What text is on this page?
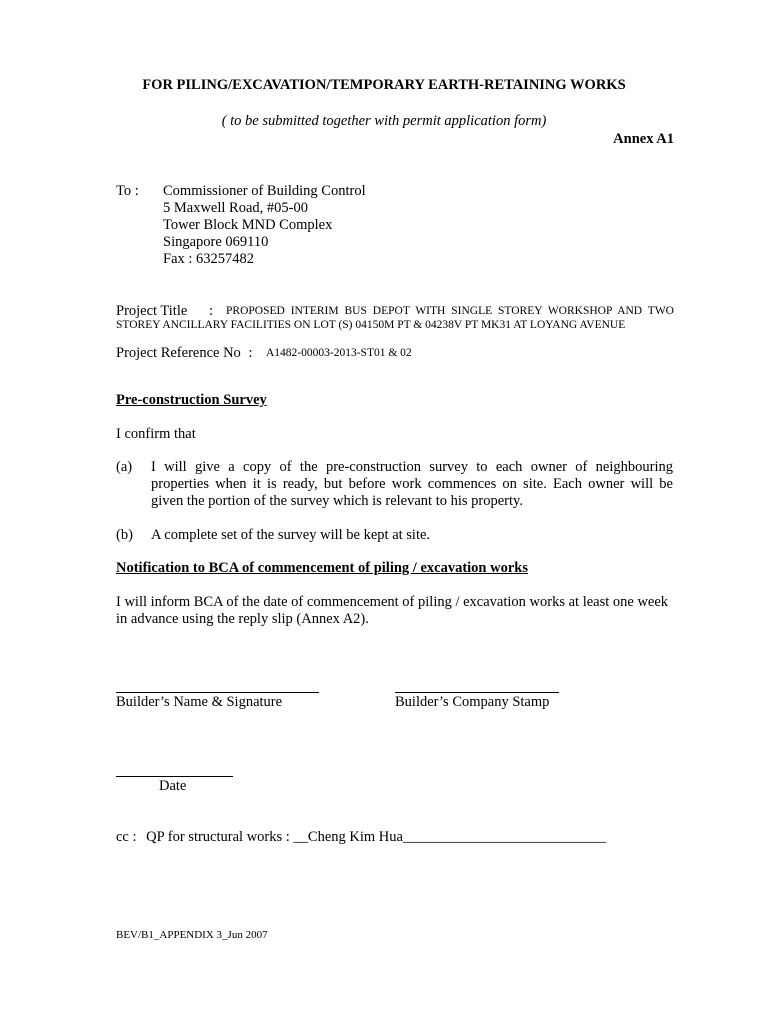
FOR PILING/EXCAVATION/TEMPORARY EARTH-RETAINING WORKS
( to be submitted together with permit application form)
Annex A1
To : Commissioner of Building Control
5 Maxwell Road, #05-00
Tower Block MND Complex
Singapore 069110
Fax : 63257482
Project Title : PROPOSED INTERIM BUS DEPOT WITH SINGLE STOREY WORKSHOP AND TWO
STOREY ANCILLARY FACILITIES ON LOT (S) 04150M PT & 04238V PT MK31 AT LOYANG AVENUE
Project Reference No : A1482-00003-2013-ST01 & 02
Pre-construction Survey
I confirm that
(a) I will give a copy of the pre-construction survey to each owner of neighbouring properties when it is ready, but before work commences on site. Each owner will be given the portion of the survey which is relevant to his property.
(b) A complete set of the survey will be kept at site.
Notification to BCA of commencement of piling / excavation works
I will inform BCA of the date of commencement of piling / excavation works at least one week in advance using the reply slip (Annex A2).
Builder’s Name & Signature	Builder’s Company Stamp
Date
cc : QP for structural works : __Cheng Kim Hua____________________________
BEV/B1_APPENDIX 3_Jun 2007
